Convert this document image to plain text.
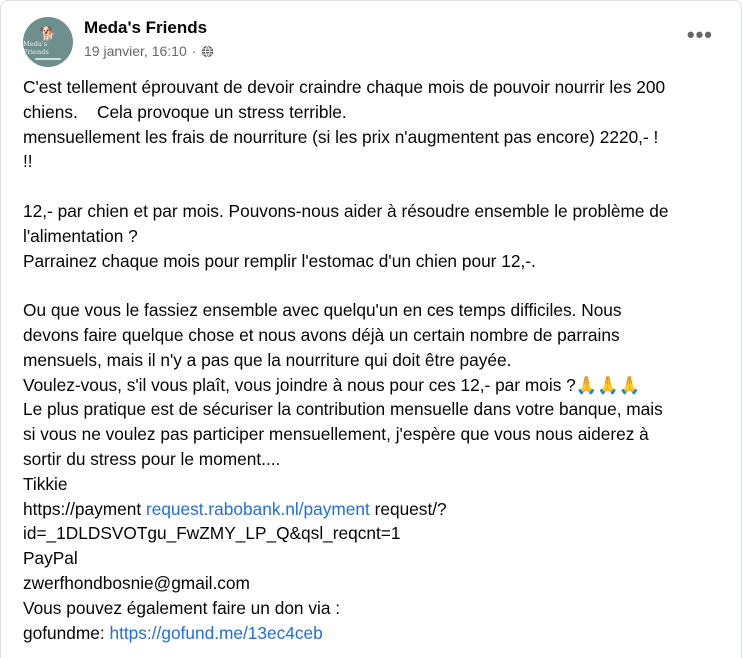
🐕
Meda's Friends
Meda's Friends
19 janvier, 16:10 ·
•••
C'est tellement éprouvant de devoir craindre chaque mois de pouvoir nourrir les 200
chiens.    Cela provoque un stress terrible.
mensuellement les frais de nourriture (si les prix n'augmentent pas encore) 2220,- !
!!
12,- par chien et par mois. Pouvons-nous aider à résoudre ensemble le problème de
l'alimentation ?
Parrainez chaque mois pour remplir l'estomac d'un chien pour 12,-.
Ou que vous le fassiez ensemble avec quelqu'un en ces temps difficiles. Nous
devons faire quelque chose et nous avons déjà un certain nombre de parrains
mensuels, mais il n'y a pas que la nourriture qui doit être payée.
Voulez-vous, s'il vous plaît, vous joindre à nous pour ces 12,- par mois ?🙏🙏🙏
Le plus pratique est de sécuriser la contribution mensuelle dans votre banque, mais
si vous ne voulez pas participer mensuellement, j'espère que vous nous aiderez à
sortir du stress pour le moment....
Tikkie
https://payment request.rabobank.nl/payment request/?
id=_1DLDSVOTgu_FwZMY_LP_Q&qsl_reqcnt=1
PayPal
zwerfhondbosnie@gmail.com
Vous pouvez également faire un don via :
gofundme: https://gofund.me/13ec4ceb
